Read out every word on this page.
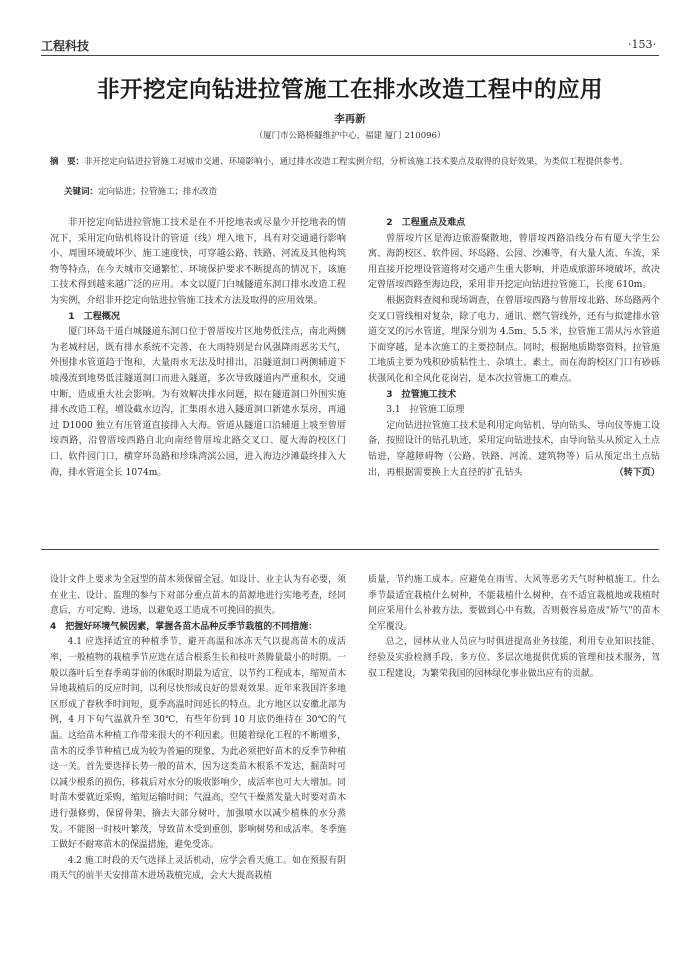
工程科技	·153·
非开挖定向钻进拉管施工在排水改造工程中的应用
李再新
（厦门市公路桥隧维护中心，福建 厦门 210096）
摘　要：非开挖定向钻进拉管施工对城市交通、环境影响小，通过排水改造工程实例介绍，分析该施工技术要点及取得的良好效果，为类似工程提供参考。
关键词：定向钻进；拉管施工；排水改造

非开挖定向钻进拉管施工技术是在不开挖地表或尽量少开挖地表的情况下，采用定向钻机将设计的管道（线）埋入地下，具有对交通通行影响小、周围环境破坏少、施工速度快，可穿越公路、铁路、河流及其他构筑物等特点，在今天城市交通繁忙、环境保护要求不断提高的情况下，该施工技术得到越来越广泛的应用。本文以厦门白城隧道东洞口排水改造工程为实例，介绍非开挖定向钻进拉管施工技术方法及取得的应用效果。

1　工程概况

厦门环岛干道白城隧道东洞口位于曾厝垵片区地势低洼点，南北两侧为老城村居，既有排水系统不完善，在大雨特别是台风强降雨恶劣天气，外围排水管道趋于饱和，大量雨水无法及时排出，沿隧道洞口两侧辅道下坡漫流到地势低洼隧道洞口而进入隧道，多次导致隧道内严重积水，交通中断，造成重大社会影响。为有效解决排水问题，拟在隧道洞口外围实施排水改造工程，增设截水边沟，汇集雨水进入隧道洞口新建水泵房，再通过 D1000 独立有压管道直接排入大海。管道从隧道口沿辅道上坡至曾厝垵西路，沿曾厝垵西路自北向南经曾厝垵北路交叉口、厦大海韵校区门口、软件园门口，横穿环岛路和珍珠湾滨公园，进入海边沙滩最终排入大海，排水管道全长 1074m。

2　工程重点及难点

曾厝垵片区是海边旅游聚散地，曾厝垵西路沿线分布有厦大学生公寓、海韵校区、软件园、环岛路、公园、沙滩等，有大量人流、车流，采用直接开挖埋设管道将对交通产生重大影响，并造成旅游环境破坏，故决定曾厝垵西路至海边段，采用非开挖定向钻进拉管施工，长度 610m。

根据资料查阅和现场调查，在曾厝垵西路与曾厝垵北路、环岛路两个交叉口管线相对复杂，除了电力、通讯、燃气管线外，还有与拟建排水管道交叉的污水管道，埋深分别为 4.5m、5.5 米，拉管施工需从污水管道下面穿越，是本次施工的主要控制点。同时，根据地质勘察资料，拉管施工地质主要为残积砂质粘性土、杂填土、素土，而在海韵校区门口有砂砾状强风化和全风化花岗岩，是本次拉管施工的难点。

3　拉管施工技术
3.1　拉管施工原理

定向钻进拉管施工技术是利用定向钻机、导向钻头、导向仪等施工设备，按照设计的钻孔轨迹，采用定向钻进技术，由导向钻头从预定入土点钻进，穿越障碍物（公路、铁路、河流、建筑物等）后从预定出土点钻出，再根据需要换上大直径的扩孔钻头	（转下页）

设计文件上要求为全冠型的苗木须保留全冠。如设计、业主认为有必要，须在业主、设计、监理的参与下对部分重点苗木的苗源地进行实地考查，经同意后，方可定购、进场，以避免返工造成不可挽回的损失。

4　把握好环境气候因素，掌握各苗木品种反季节栽植的不同措施：

4.1 应选择适宜的种植季节，避开高温和冰冻天气以提高苗木的成活率，一般植物的栽植季节应选在适合根系生长和枝叶蒸腾量最小的时期。一般以落叶后至春季萌芽前的休眠时期最为适宜，以节约工程成本，缩短苗木异地栽植后的反应时间，以利尽快形成良好的景观效果。近年来我国许多地区形成了春秋季时间短，夏季高温时间延长的特点。北方地区以安徽北部为例，4 月下旬气温就升至 30℃，有些年份到 10 月底仍维持在 30℃的气温。这给苗木种植工作带来很大的不利因素。但随着绿化工程的不断增多，苗木的反季节种植已成为较为普遍的现象，为此必须把好苗木的反季节种植这一关。首先要选择长势一般的苗木，因为这类苗木根系不发达，掘苗时可以减少根系的损伤，移栽后对水分的吸收影响少，成活率也可大大增加。同时苗木要就近采购，缩短运输时间；气温高，空气干燥蒸发量大时要对苗木进行强修剪，保留骨架，摘去大部分树叶，加强喷水以减少植株的水分蒸发。不能图一时枝叶繁茂，导致苗木受到重创，影响树势和成活率。冬季施工做好不耐寒苗木的保温措施，避免受冻。

4.2 施工时段的天气选择上灵活机动，应学会看天施工。如在预报有阴雨天气的前半天安排苗木进场栽植完成，会大大提高栽植

质量，节约施工成本。应避免在雨雪、大风等恶劣天气时种植施工。什么季节最适宜栽植什么树种，不能栽植什么树种，在不适宜栽植地或栽植时间应采用什么补救方法，要做到心中有数，否则极容易造成"矫气"的苗木全军覆没。

总之，园林从业人员应与时俱进提高业务技能，利用专业知识技能、经验及实验检测手段，多方位、多层次地提供优质的管理和技术服务，驾驭工程建设，为繁荣我国的园林绿化事业做出应有的贡献。
